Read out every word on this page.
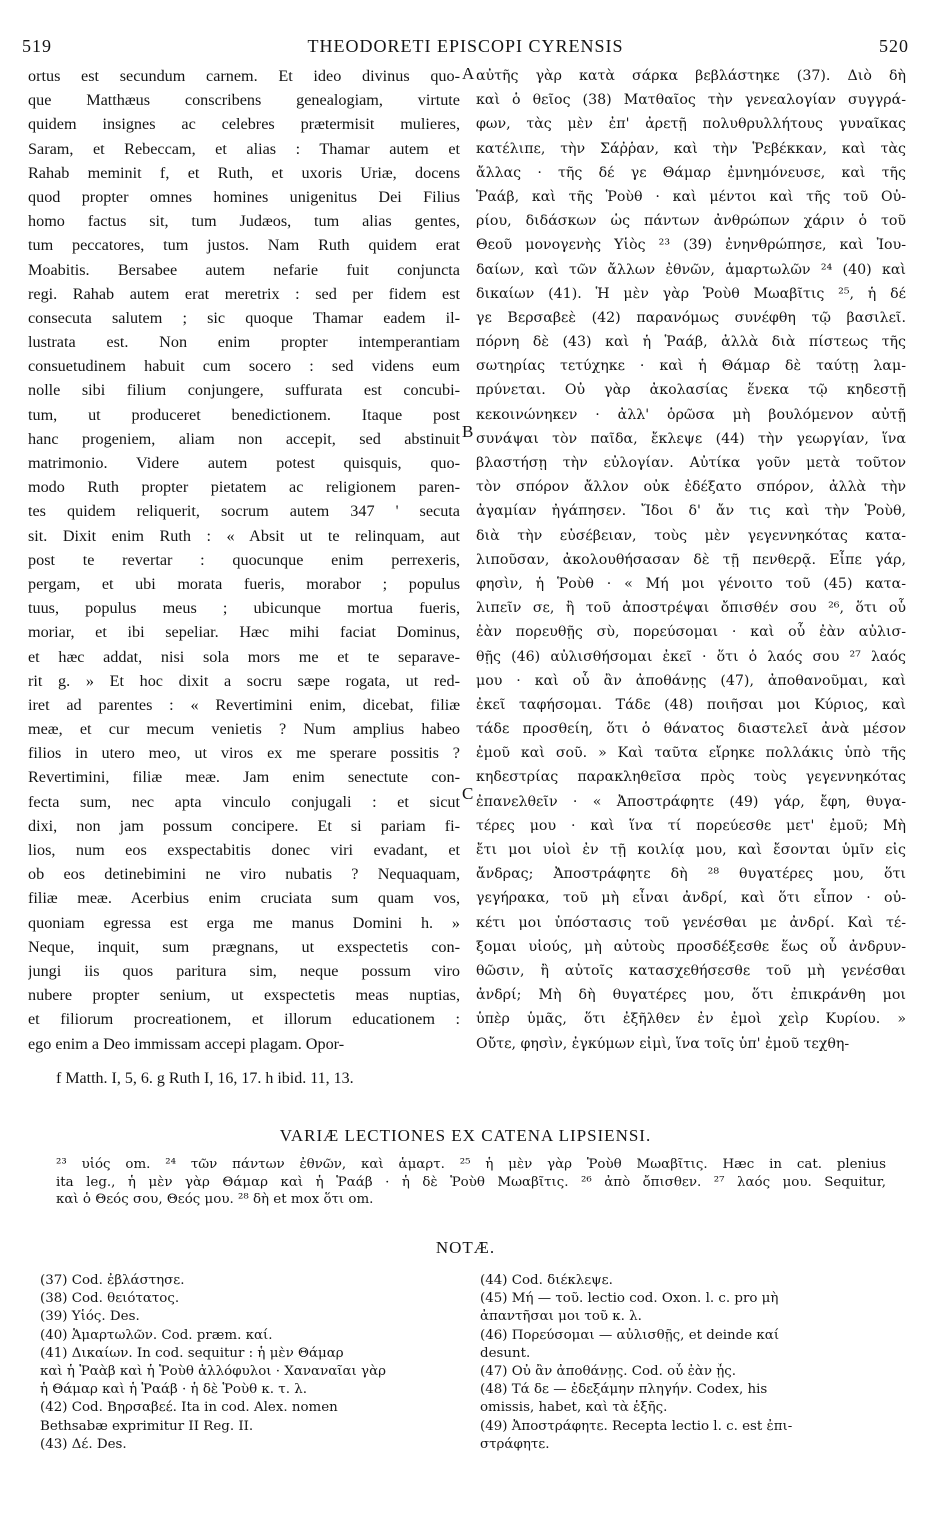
519	THEODORETI EPISCOPI CYRENSIS	520
ortus est secundum carnem. Et ideo divinus quo-
que Matthæus conscribens genealogiam, virtute
quidem insignes ac celebres prætermisit mulieres,
Saram, et Rebeccam, et alias : Thamar autem et
Rahab meminit f, et Ruth, et uxoris Uriæ, docens
quod propter omnes homines unigenitus Dei Filius
homo factus sit, tum Judæos, tum alias gentes,
tum peccatores, tum justos. Nam Ruth quidem erat
Moabitis. Bersabee autem nefarie fuit conjuncta
regi. Rahab autem erat meretrix : sed per fidem est
consecuta salutem ; sic quoque Thamar eadem il-
lustrata est. Non enim propter intemperantiam
consuetudinem habuit cum socero : sed videns eum
nolle sibi filium conjungere, suffurata est concubi-
tum, ut produceret benedictionem. Itaque post
hanc progeniem, aliam non accepit, sed abstinuit
matrimonio. Videre autem potest quisquis, quo-
modo Ruth propter pietatem ac religionem paren-
tes quidem reliquerit, socrum autem 347 ' secuta
sit. Dixit enim Ruth : « Absit ut te relinquam, aut
post te revertar : quocunque enim perrexeris,
pergam, et ubi morata fueris, morabor ; populus
tuus, populus meus ; ubicunque mortua fueris,
moriar, et ibi sepeliar. Hæc mihi faciat Dominus,
et hæc addat, nisi sola mors me et te separave-
rit g. » Et hoc dixit a socru sæpe rogata, ut red-
iret ad parentes : « Revertimini enim, dicebat, filiæ
meæ, et cur mecum venietis ? Num amplius habeo
filios in utero meo, ut viros ex me sperare possitis ?
Revertimini, filiæ meæ. Jam enim senectute con-
fecta sum, nec apta vinculo conjugali : et sicut
dixi, non jam possum concipere. Et si pariam fi-
lios, num eos exspectabitis donec viri evadant, et
ob eos detinebimini ne viro nubatis ? Nequaquam,
filiæ meæ. Acerbius enim cruciata sum quam vos,
quoniam egressa est erga me manus Domini h. »
Neque, inquit, sum prægnans, ut exspectetis con-
jungi iis quos paritura sim, neque possum viro
nubere propter senium, ut exspectetis meas nuptias,
et filiorum procreationem, et illorum educationem :
ego enim a Deo immissam accepi plagam. Opor-
αὐτῆς γὰρ κατὰ σάρκα βεβλάστηκε (37). Διὸ δὴ
καὶ ὁ θεῖος (38) Ματθαῖος τὴν γενεαλογίαν συγγρά-
φων, τὰς μὲν ἐπ' ἀρετῇ πολυθρυλλήτους γυναῖκας
κατέλιπε, τὴν Σάῤῥαν, καὶ τὴν Ῥεβέκκαν, καὶ τὰς
ἄλλας · τῆς δέ γε Θάμαρ ἐμνημόνευσε, καὶ τῆς
Ῥαάβ, καὶ τῆς Ῥοὺθ · καὶ μέντοι καὶ τῆς τοῦ Οὐ-
ρίου, διδάσκων ὡς πάντων ἀνθρώπων χάριν ὁ τοῦ
Θεοῦ μονογενὴς Υἱὸς ²³ (39) ἐνηνθρώπησε, καὶ Ἰου-
δαίων, καὶ τῶν ἄλλων ἐθνῶν, ἁμαρτωλῶν ²⁴ (40) καὶ
δικαίων (41). Ἡ μὲν γὰρ Ῥοὺθ Μωαβῖτις ²⁵, ἡ δέ
γε Βερσαβεὲ (42) παρανόμως συνέφθη τῷ βασιλεῖ.
πόρνη δὲ (43) καὶ ἡ Ῥαάβ, ἀλλὰ διὰ πίστεως τῆς
σωτηρίας τετύχηκε · καὶ ἡ Θάμαρ δὲ ταύτῃ λαμ-
πρύνεται. Οὐ γὰρ ἀκολασίας ἕνεκα τῷ κηδεστῇ
κεκοινώνηκεν · ἀλλ' ὁρῶσα μὴ βουλόμενον αὐτῇ
συνάψαι τὸν παῖδα, ἔκλεψε (44) τὴν γεωργίαν, ἵνα
βλαστήσῃ τὴν εὐλογίαν. Αὐτίκα γοῦν μετὰ τοῦτον
τὸν σπόρον ἄλλον οὐκ ἐδέξατο σπόρον, ἀλλὰ τὴν
ἀγαμίαν ἠγάπησεν. Ἴδοι δ' ἄν τις καὶ τὴν Ῥοὺθ,
διὰ τὴν εὐσέβειαν, τοὺς μὲν γεγεννηκότας κατα-
λιποῦσαν, ἀκολουθήσασαν δὲ τῇ πενθερᾷ. Εἶπε γάρ,
φησὶν, ἡ Ῥοὺθ · « Μή μοι γένοιτο τοῦ (45) κατα-
λιπεῖν σε, ἢ τοῦ ἀποστρέψαι ὄπισθέν σου ²⁶, ὅτι οὗ
ἐὰν πορευθῇς σὺ, πορεύσομαι · καὶ οὗ ἐὰν αὐλισ-
θῇς (46) αὐλισθήσομαι ἐκεῖ · ὅτι ὁ λαός σου ²⁷ λαός
μου · καὶ οὗ ἂν ἀποθάνῃς (47), ἀποθανοῦμαι, καὶ
ἐκεῖ ταφήσομαι. Τάδε (48) ποιῆσαι μοι Κύριος, καὶ
τάδε προσθείη, ὅτι ὁ θάνατος διαστελεῖ ἀνὰ μέσον
ἐμοῦ καὶ σοῦ. » Καὶ ταῦτα εἴρηκε πολλάκις ὑπὸ τῆς
κηδεστρίας παρακληθεῖσα πρὸς τοὺς γεγεννηκότας
ἐπανελθεῖν · « Ἀποστράφητε (49) γάρ, ἔφη, θυγα-
τέρες μου · καὶ ἵνα τί πορεύεσθε μετ' ἐμοῦ; Μὴ
ἔτι μοι υἱοὶ ἐν τῇ κοιλίᾳ μου, καὶ ἔσονται ὑμῖν εἰς
ἄνδρας; Ἀποστράφητε δὴ ²⁸ θυγατέρες μου, ὅτι
γεγήρακα, τοῦ μὴ εἶναι ἀνδρί, καὶ ὅτι εἶπον · οὐ-
κέτι μοι ὑπόστασις τοῦ γενέσθαι με ἀνδρί. Καὶ τέ-
ξομαι υἱούς, μὴ αὐτοὺς προσδέξεσθε ἕως οὗ ἀνδρυν-
θῶσιν, ἢ αὐτοῖς κατασχεθήσεσθε τοῦ μὴ γενέσθαι
ἀνδρί; Μὴ δὴ θυγατέρες μου, ὅτι ἐπικράνθη μοι
ὑπὲρ ὑμᾶς, ὅτι ἐξῆλθεν ἐν ἐμοὶ χεὶρ Κυρίου. »
Οὔτε, φησὶν, ἐγκύμων εἰμὶ, ἵνα τοῖς ὑπ' ἐμοῦ τεχθη-
A
B
C
f Matth. I, 5, 6. g Ruth I, 16, 17. h ibid. 11, 13.
VARIÆ LECTIONES EX CATENA LIPSIENSI.
²³ υἱός om. ²⁴ τῶν πάντων ἐθνῶν, καὶ ἁμαρτ. ²⁵ ἡ μὲν γὰρ Ῥοὺθ Μωαβῖτις. Hæc in cat. plenius
ita leg., ἡ μὲν γὰρ Θάμαρ καὶ ἡ Ῥαάβ · ἡ δὲ Ῥοὺθ Μωαβῖτις. ²⁶ ἀπὸ ὄπισθεν. ²⁷ λαός μου. Sequitur,
καὶ ὁ Θεός σου, Θεός μου. ²⁸ δὴ et mox ὅτι om.
NOTÆ.
(37) Cod. ἐβλάστησε.
(38) Cod. θειότατος.
(39) Υἱός. Des.
(40) Ἁμαρτωλῶν. Cod. præm. καί.
(41) Δικαίων. In cod. sequitur : ἡ μὲν Θάμαρ
καὶ ἡ Ῥαὰβ καὶ ἡ Ῥοὺθ ἀλλόφυλοι · Χαναναῖαι γὰρ
ἡ Θάμαρ καὶ ἡ Ῥαάβ · ἡ δὲ Ῥοὺθ κ. τ. λ.
(42) Cod. Βηρσαβεέ. Ita in cod. Alex. nomen
Bethsabæ exprimitur II Reg. II.
(43) Δέ. Des.
(44) Cod. διέκλεψε.
(45) Μή — τοῦ. lectio cod. Oxon. l. c. pro μὴ
ἀπαντῆσαι μοι τοῦ κ. λ.
(46) Πορεύσομαι — αὐλισθῇς, et deinde καί
desunt.
(47) Οὐ ἂν ἀποθάνῃς. Cod. οὗ ἐὰν ᾖς.
(48) Τά δε — ἐδεξάμην πληγήν. Codex, his
omissis, habet, καὶ τὰ ἑξῆς.
(49) Ἀποστράφητε. Recepta lectio l. c. est ἐπι-
στράφητε.
